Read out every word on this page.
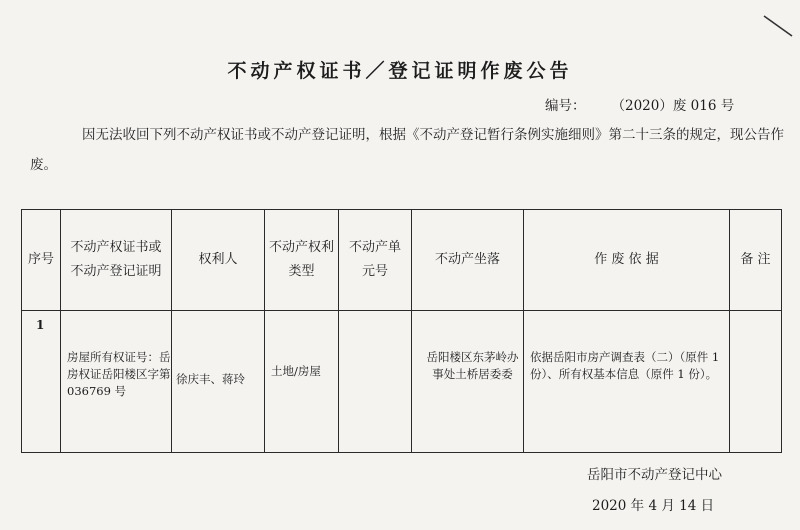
不动产权证书／登记证明作废公告
编号： （2020）废 016 号
因无法收回下列不动产权证书或不动产登记证明，根据《不动产登记暂行条例实施细则》第二十三条的规定，现公告作废。
序号	不动产权证书或不动产登记证明	权利人	不动产权利类型	不动产单元号	不动产坐落	作 废 依 据	备 注

1	房屋所有权证号：岳房权证岳阳楼区字第 036769 号	徐庆丰、蒋玲	土地/房屋		岳阳楼区东茅岭办事处土桥居委委	依据岳阳市房产调查表（二）（原件 1 份）、所有权基本信息（原件 1 份）。	

岳阳市不动产登记中心
2020 年 4 月 14 日
